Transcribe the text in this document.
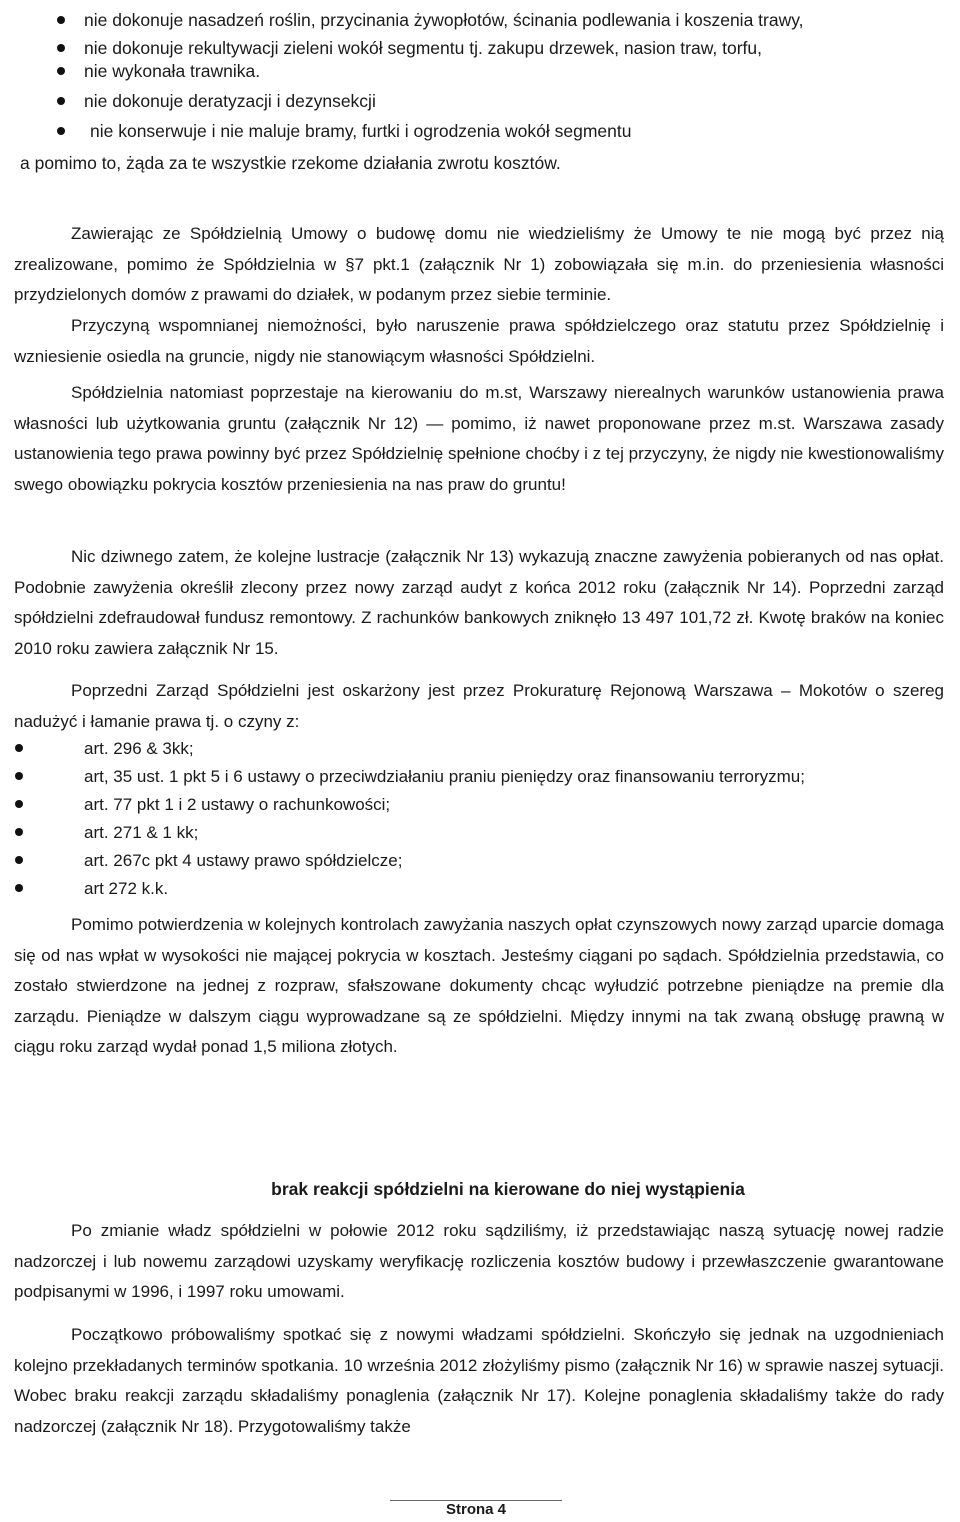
nie dokonuje nasadzeń roślin, przycinania żywopłotów, ścinania podlewania i koszenia trawy,
nie dokonuje rekultywacji zieleni wokół segmentu tj. zakupu drzewek, nasion traw, torfu,
nie wykonała trawnika.
nie dokonuje deratyzacji i dezynsekcji
nie konserwuje i nie maluje bramy, furtki i ogrodzenia wokół segmentu
a pomimo to, żąda za te wszystkie rzekome działania zwrotu kosztów.

Zawierając ze Spółdzielnią Umowy o budowę domu nie wiedzieliśmy że Umowy te nie mogą być przez nią zrealizowane, pomimo że Spółdzielnia w §7 pkt.1 (załącznik Nr 1) zobowiązała się m.in. do przeniesienia własności przydzielonych domów z prawami do działek, w podanym przez siebie terminie.

Przyczyną wspomnianej niemożności, było naruszenie prawa spółdzielczego oraz statutu przez Spółdzielnię i wzniesienie osiedla na gruncie, nigdy nie stanowiącym własności Spółdzielni.

Spółdzielnia natomiast poprzestaje na kierowaniu do m.st, Warszawy nierealnych warunków ustanowienia prawa własności lub użytkowania gruntu (załącznik Nr 12) — pomimo, iż nawet proponowane przez m.st. Warszawa zasady ustanowienia tego prawa powinny być przez Spółdzielnię spełnione choćby i z tej przyczyny, że nigdy nie kwestionowaliśmy swego obowiązku pokrycia kosztów przeniesienia na nas praw do gruntu!

Nic dziwnego zatem, że kolejne lustracje (załącznik Nr 13) wykazują znaczne zawyżenia pobieranych od nas opłat. Podobnie zawyżenia określił zlecony przez nowy zarząd audyt z końca 2012 roku (załącznik Nr 14). Poprzedni zarząd spółdzielni zdefraudował fundusz remontowy. Z rachunków bankowych zniknęło 13 497 101,72 zł. Kwotę braków na koniec 2010 roku zawiera załącznik Nr 15.

Poprzedni Zarząd Spółdzielni jest oskarżony jest przez Prokuraturę Rejonową Warszawa – Mokotów o szereg nadużyć i łamanie prawa tj. o czyny z:

art. 296 & 3kk;
art, 35 ust. 1 pkt 5 i 6 ustawy o przeciwdziałaniu praniu pieniędzy oraz finansowaniu terroryzmu;
art. 77 pkt 1 i 2 ustawy o rachunkowości;
art. 271 & 1 kk;
art. 267c pkt 4 ustawy prawo spółdzielcze;
art 272 k.k.

Pomimo potwierdzenia w kolejnych kontrolach zawyżania naszych opłat czynszowych nowy zarząd uparcie domaga się od nas wpłat w wysokości nie mającej pokrycia w kosztach. Jesteśmy ciągani po sądach. Spółdzielnia przedstawia, co zostało stwierdzone na jednej z rozpraw, sfałszowane dokumenty chcąc wyłudzić potrzebne pieniądze na premie dla zarządu. Pieniądze w dalszym ciągu wyprowadzane są ze spółdzielni. Między innymi na tak zwaną obsługę prawną w ciągu roku zarząd wydał ponad 1,5 miliona złotych.

brak reakcji spółdzielni na kierowane do niej wystąpienia

Po zmianie władz spółdzielni w połowie 2012 roku sądziliśmy, iż przedstawiając naszą sytuację nowej radzie nadzorczej i lub nowemu zarządowi uzyskamy weryfikację rozliczenia kosztów budowy i przewłaszczenie gwarantowane podpisanymi w 1996, i 1997 roku umowami.

Początkowo próbowaliśmy spotkać się z nowymi władzami spółdzielni. Skończyło się jednak na uzgodnieniach kolejno przekładanych terminów spotkania. 10 września 2012 złożyliśmy pismo (załącznik Nr 16) w sprawie naszej sytuacji. Wobec braku reakcji zarządu składaliśmy ponaglenia (załącznik Nr 17). Kolejne ponaglenia składaliśmy także do rady nadzorczej (załącznik Nr 18). Przygotowaliśmy także

Strona 4
